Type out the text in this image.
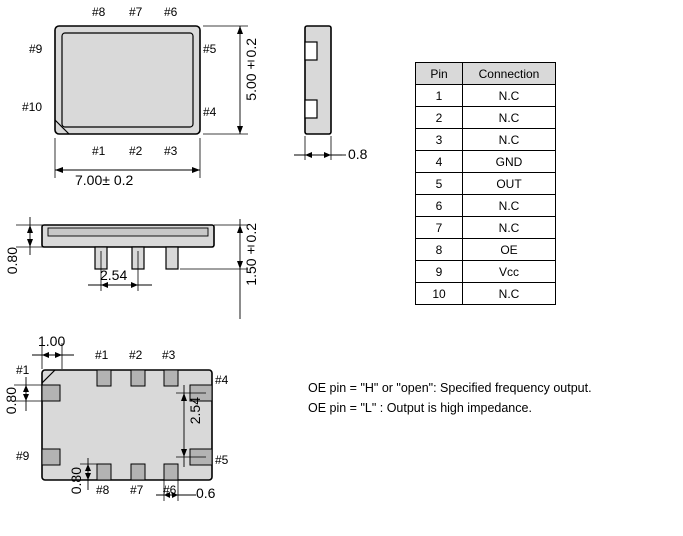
#8 #7 #6
#9
#10
#5
#4
#1 #2 #3
7.00± 0.2
5.00±0.2
0.8
0.80
2.54	1.50±0.2
1.00
#1 #2 #3
#1
#9
#4
#5
#8 #7 #6
0.80
0.80
2.54
0.6
Pin	Connection
1	N.C
2	N.C
3	N.C
4	GND
5	OUT
6	N.C
7	N.C
8	OE
9	Vcc
10	N.C
OE pin = "H" or "open": Specified frequency output.
OE pin = "L" : Output is high impedance.
